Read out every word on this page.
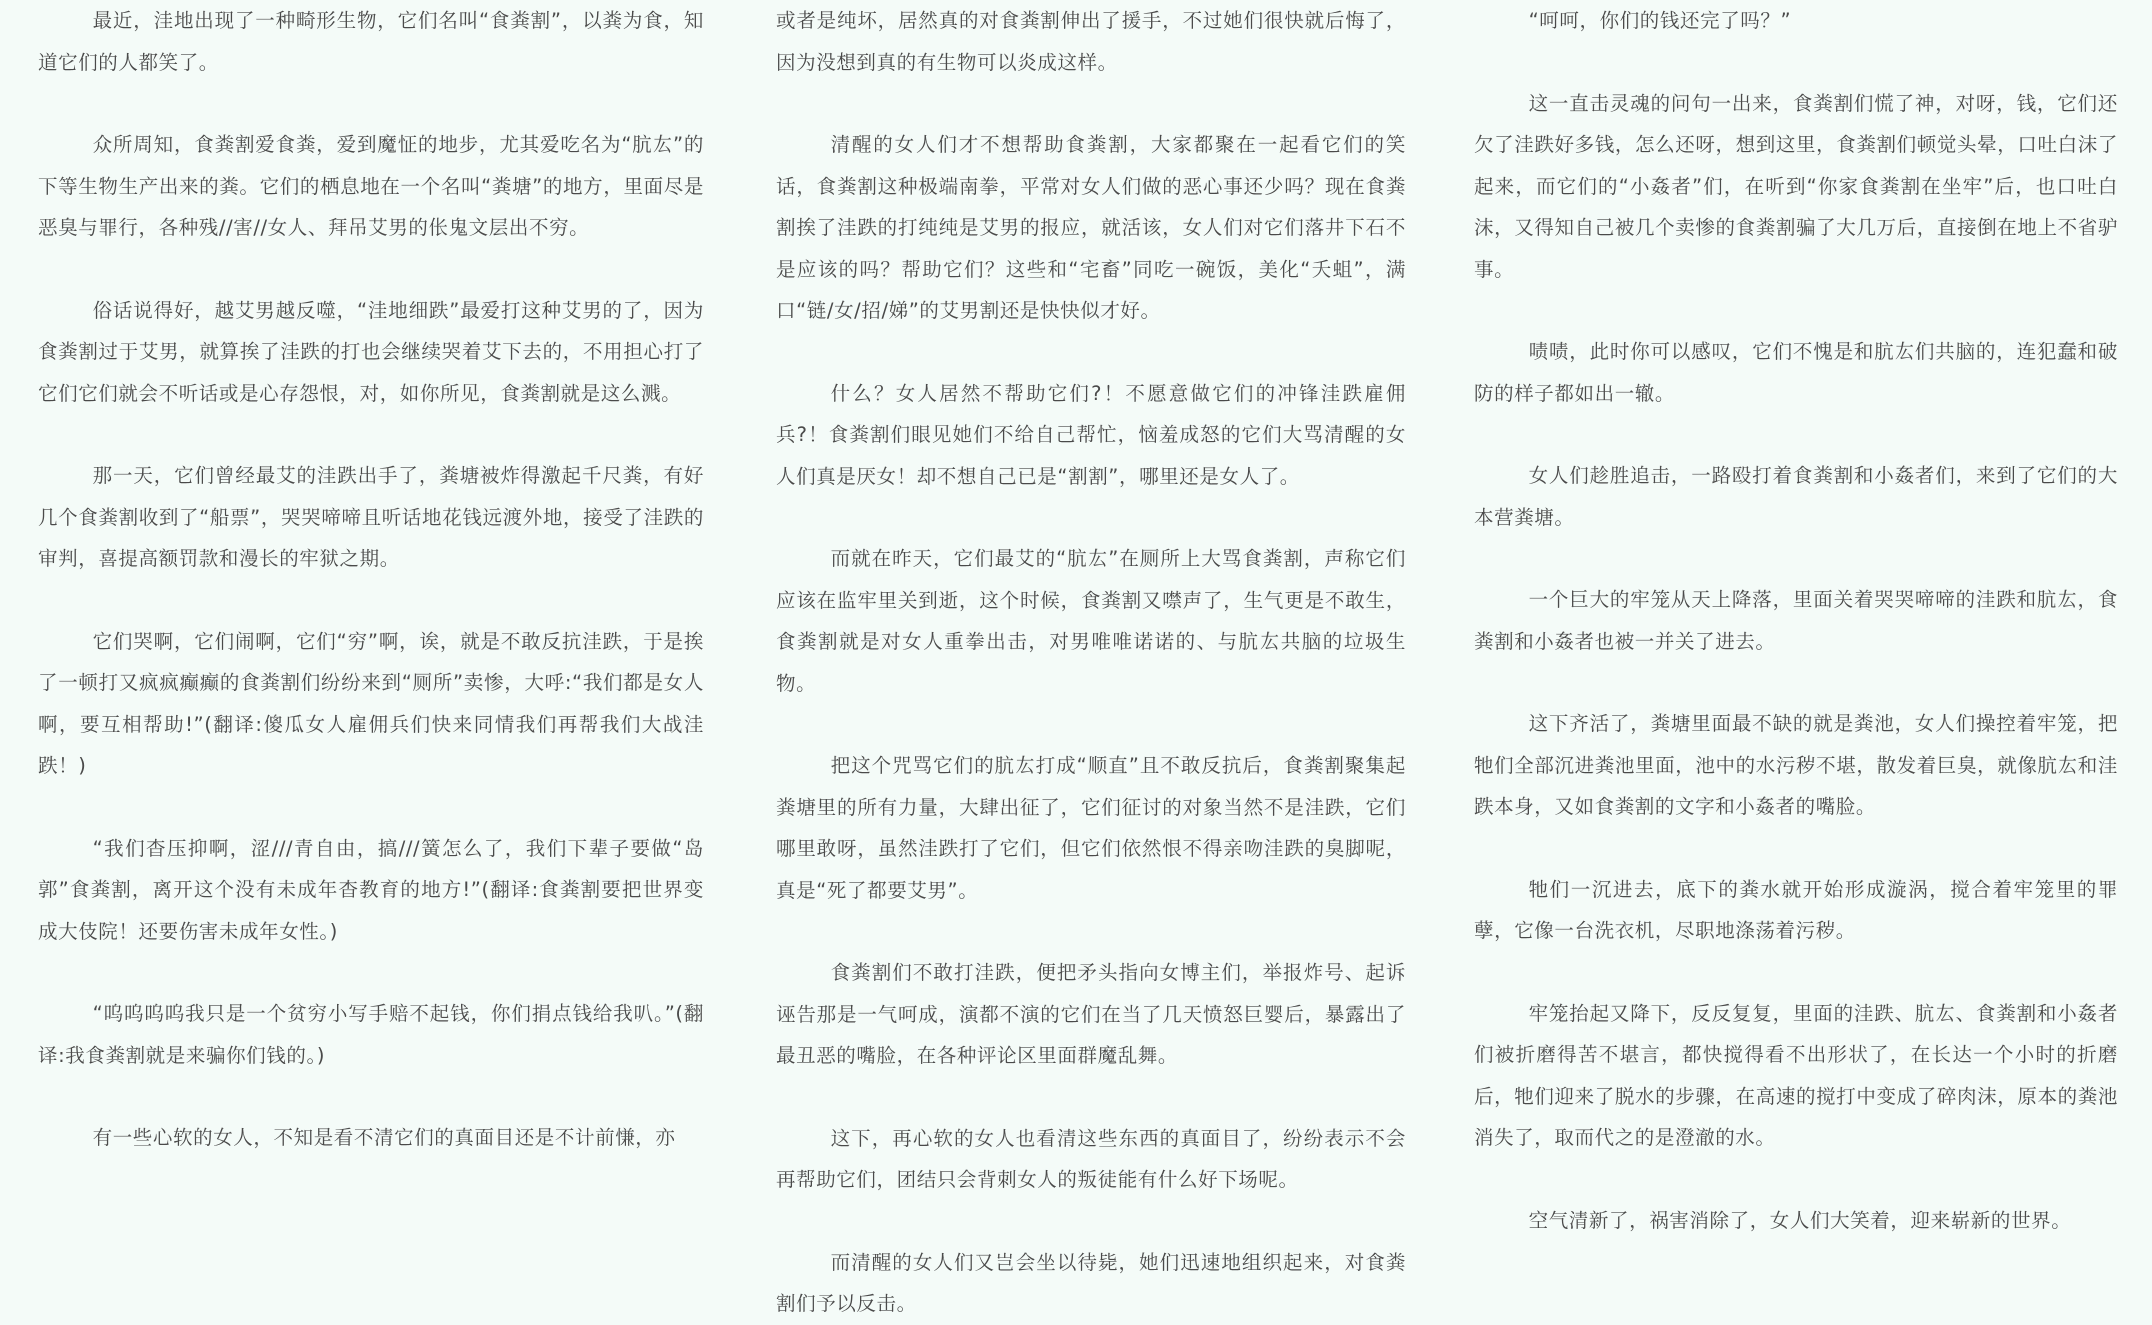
最近，洼地出现了一种畸形生物，它们名叫“食粪割”，以粪为食，知道它们的人都笑了。

众所周知，食粪割爱食粪，爱到魔怔的地步，尤其爱吃名为“肮厷”的下等生物生产出来的粪。它们的栖息地在一个名叫“粪塘”的地方，里面尽是恶臭与罪行，各种残//害//女人、拜吊艾男的伥鬼文层出不穷。

俗话说得好，越艾男越反噬，“洼地细跌”最爱打这种艾男的了，因为食粪割过于艾男，就算挨了洼跌的打也会继续哭着艾下去的，不用担心打了它们它们就会不听话或是心存怨恨，对，如你所见，食粪割就是这么溅。

那一天，它们曾经最艾的洼跌出手了，粪塘被炸得激起千尺粪，有好几个食粪割收到了“船票”，哭哭啼啼且听话地花钱远渡外地，接受了洼跌的审判，喜提高额罚款和漫长的牢狱之期。

它们哭啊，它们闹啊，它们“穷”啊，诶，就是不敢反抗洼跌，于是挨了一顿打又疯疯癫癫的食粪割们纷纷来到“厕所”卖惨，大呼:“我们都是女人啊，要互相帮助!”(翻译:傻瓜女人雇佣兵们快来同情我们再帮我们大战洼跌！)

“我们杳压抑啊，涩///青自由，搞///簧怎么了，我们下辈子要做“岛郭”食粪割，离开这个没有未成年杳教育的地方!”(翻译:食粪割要把世界变成大伎院！还要伤害未成年女性。)

“呜呜呜呜我只是一个贫穷小写手赔不起钱，你们捐点钱给我叭。”(翻译:我食粪割就是来骗你们钱的。)

有一些心软的女人，不知是看不清它们的真面目还是不计前慊，亦

或者是纯坏，居然真的对食粪割伸出了援手，不过她们很快就后悔了，因为没想到真的有生物可以炎成这样。

清醒的女人们才不想帮助食粪割，大家都聚在一起看它们的笑话，食粪割这种极端南拳，平常对女人们做的恶心事还少吗？现在食粪割挨了洼跌的打纯纯是艾男的报应，就活该，女人们对它们落井下石不是应该的吗？帮助它们？这些和“宅畜”同吃一碗饭，美化“夭蛆”，满口“链/女/招/娣”的艾男割还是快快似才好。

什么？女人居然不帮助它们?！不愿意做它们的冲锋洼跌雇佣兵?！食粪割们眼见她们不给自己帮忙，恼羞成怒的它们大骂清醒的女人们真是厌女！却不想自己已是“割割”，哪里还是女人了。

而就在昨天，它们最艾的“肮厷”在厕所上大骂食粪割，声称它们应该在监牢里关到逝，这个时候，食粪割又噤声了，生气更是不敢生，食粪割就是对女人重拳出击，对男唯唯诺诺的、与肮厷共脑的垃圾生物。

把这个咒骂它们的肮厷打成“顺直”且不敢反抗后，食粪割聚集起粪塘里的所有力量，大肆出征了，它们征讨的对象当然不是洼跌，它们哪里敢呀，虽然洼跌打了它们，但它们依然恨不得亲吻洼跌的臭脚呢，真是“死了都要艾男”。

食粪割们不敢打洼跌，便把矛头指向女博主们，举报炸号、起诉诬告那是一气呵成，演都不演的它们在当了几天愤怒巨婴后，暴露出了最丑恶的嘴脸，在各种评论区里面群魔乱舞。

这下，再心软的女人也看清这些东西的真面目了，纷纷表示不会再帮助它们，团结只会背刺女人的叛徒能有什么好下场呢。

而清醒的女人们又岂会坐以待毙，她们迅速地组织起来，对食粪割们予以反击。

“呵呵，你们的钱还完了吗？”

这一直击灵魂的问句一出来，食粪割们慌了神，对呀，钱，它们还欠了洼跌好多钱，怎么还呀，想到这里，食粪割们顿觉头晕，口吐白沫了起来，而它们的“小姦者”们，在听到“你家食粪割在坐牢”后，也口吐白沫，又得知自己被几个卖惨的食粪割骗了大几万后，直接倒在地上不省驴事。

啧啧，此时你可以感叹，它们不愧是和肮厷们共脑的，连犯蠢和破防的样子都如出一辙。

女人们趁胜追击，一路殴打着食粪割和小姦者们，来到了它们的大本营粪塘。

一个巨大的牢笼从天上降落，里面关着哭哭啼啼的洼跌和肮厷，食粪割和小姦者也被一并关了进去。

这下齐活了，粪塘里面最不缺的就是粪池，女人们操控着牢笼，把牠们全部沉进粪池里面，池中的水污秽不堪，散发着巨臭，就像肮厷和洼跌本身，又如食粪割的文字和小姦者的嘴脸。

牠们一沉进去，底下的粪水就开始形成漩涡，搅合着牢笼里的罪孽，它像一台洗衣机，尽职地涤荡着污秽。

牢笼抬起又降下，反反复复，里面的洼跌、肮厷、食粪割和小姦者们被折磨得苦不堪言，都快搅得看不出形状了，在长达一个小时的折磨后，牠们迎来了脱水的步骤，在高速的搅打中变成了碎肉沫，原本的粪池消失了，取而代之的是澄澈的水。

空气清新了，祸害消除了，女人们大笑着，迎来崭新的世界。
